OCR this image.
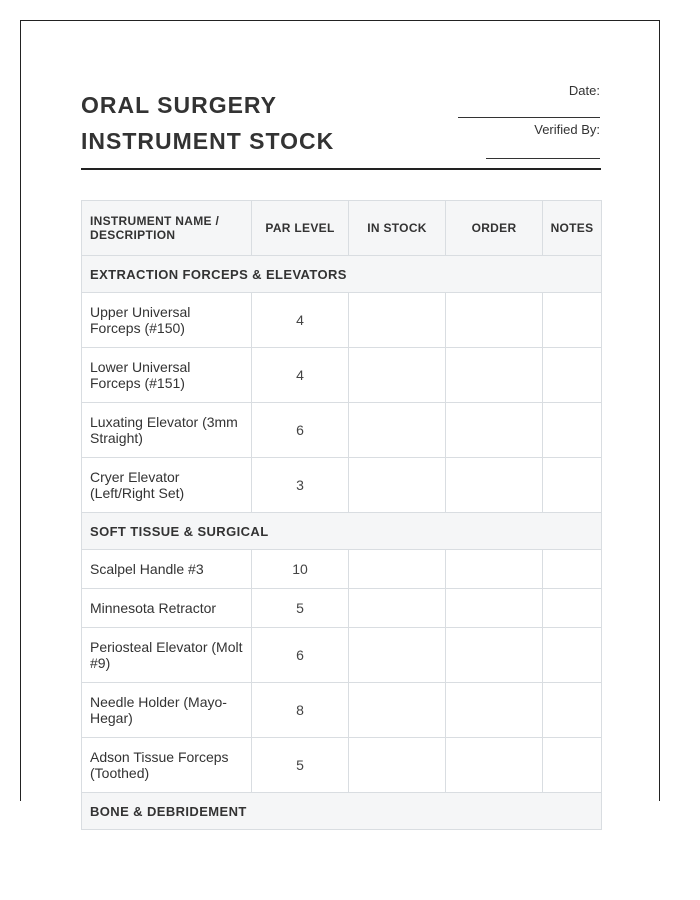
ORAL SURGERY
INSTRUMENT STOCK
Date:
Verified By:
INSTRUMENT NAME / DESCRIPTION	PAR LEVEL	IN STOCK	ORDER	NOTES
EXTRACTION FORCEPS & ELEVATORS				
Upper Universal Forceps (#150)	4			
Lower Universal Forceps (#151)	4			
Luxating Elevator (3mm Straight)	6			
Cryer Elevator (Left/Right Set)	3			
SOFT TISSUE & SURGICAL				
Scalpel Handle #3	10			
Minnesota Retractor	5			
Periosteal Elevator (Molt #9)	6			
Needle Holder (Mayo-Hegar)	8			
Adson Tissue Forceps (Toothed)	5			
BONE & DEBRIDEMENT				
